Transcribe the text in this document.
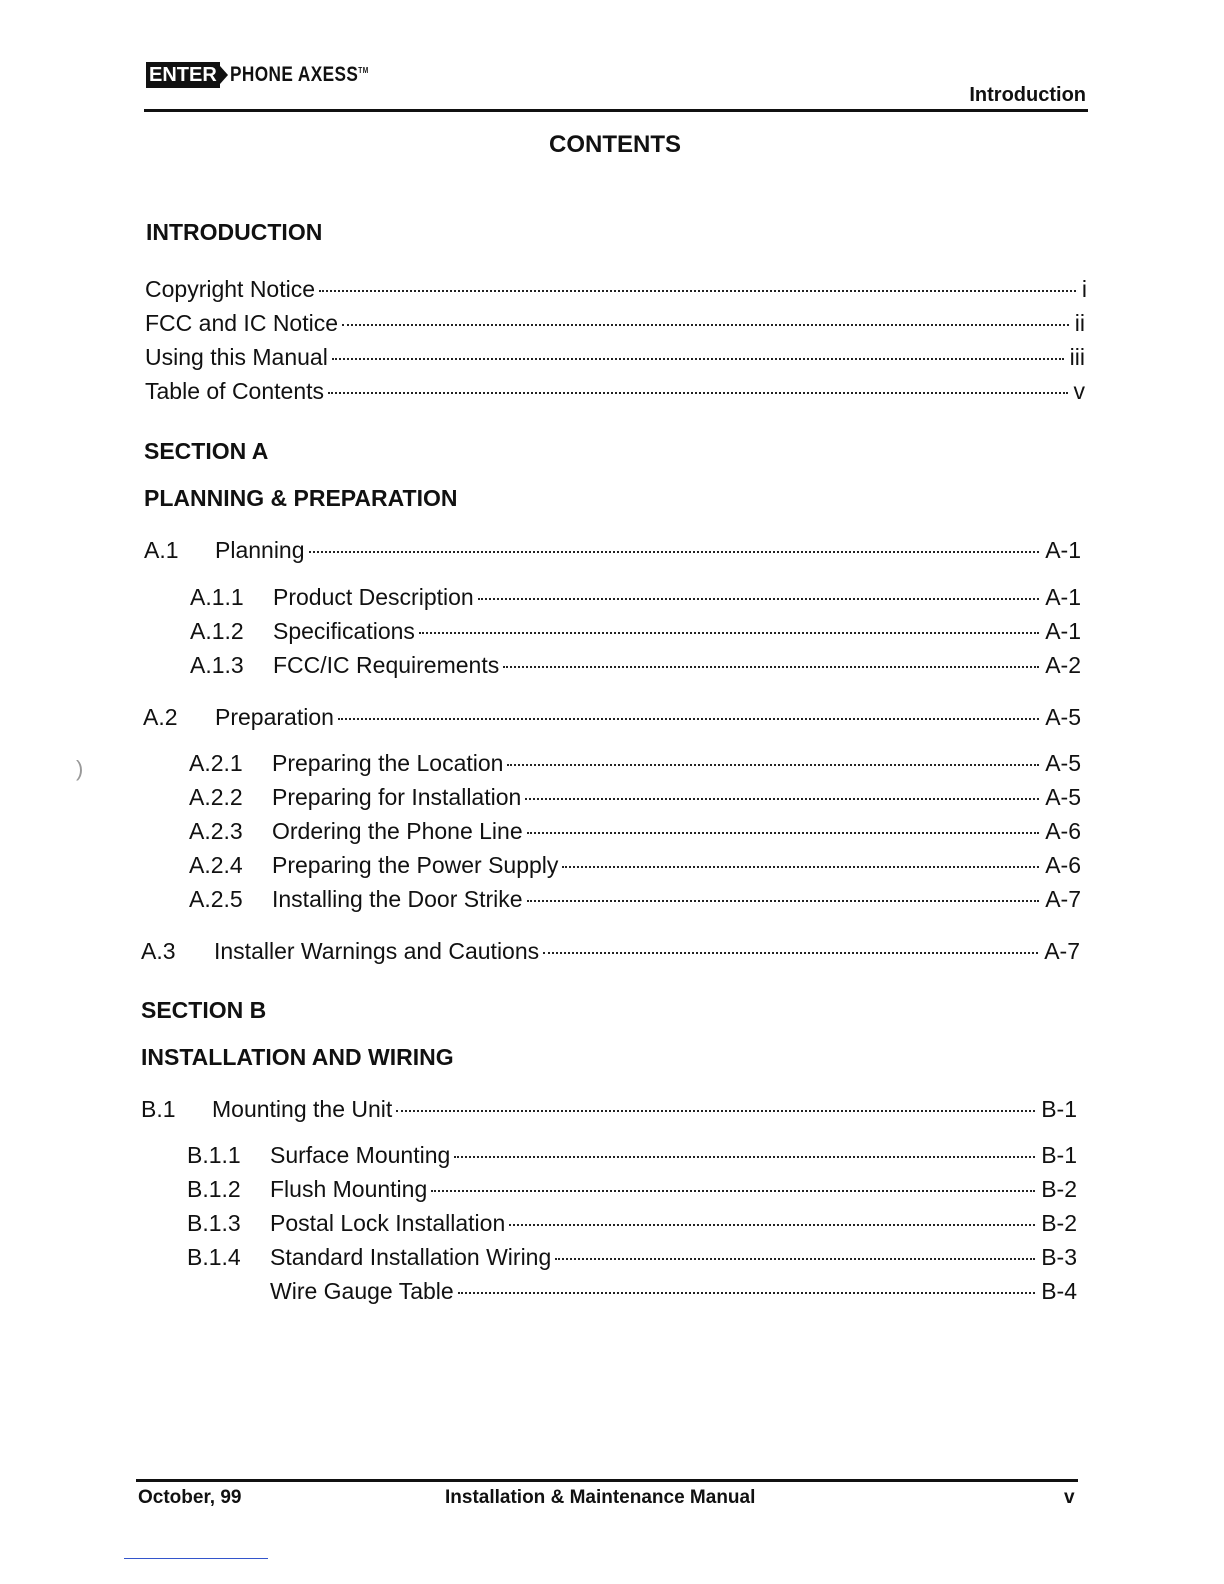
ENTER PHONE AXESS™
Introduction
CONTENTS
INTRODUCTION
Copyright Notice	i
FCC and IC Notice	ii
Using this Manual	iii
Table of Contents	v
SECTION A
PLANNING & PREPARATION
A.1	Planning	A-1
A.1.1	Product Description	A-1
A.1.2	Specifications	A-1
A.1.3	FCC/IC Requirements	A-2
A.2	Preparation	A-5
A.2.1	Preparing the Location	A-5
A.2.2	Preparing for Installation	A-5
A.2.3	Ordering the Phone Line	A-6
A.2.4	Preparing the Power Supply	A-6
A.2.5	Installing the Door Strike	A-7
A.3	Installer Warnings and Cautions	A-7
SECTION B
INSTALLATION AND WIRING
B.1	Mounting the Unit	B-1
B.1.1	Surface Mounting	B-1
B.1.2	Flush Mounting	B-2
B.1.3	Postal Lock Installation	B-2
B.1.4	Standard Installation Wiring	B-3
Wire Gauge Table	B-4
October, 99	Installation & Maintenance Manual	v
)
